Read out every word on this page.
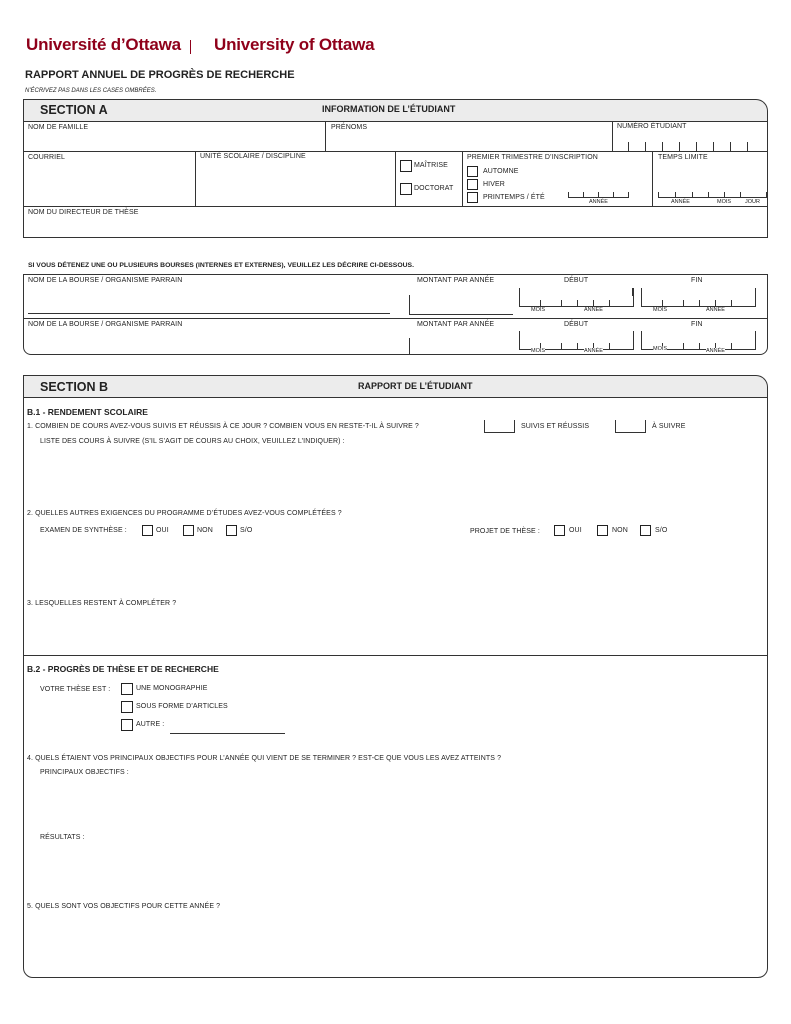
Université d’Ottawa University of Ottawa
RAPPORT ANNUEL DE PROGRÈS DE RECHERCHE
N'ÉCRIVEZ PAS DANS LES CASES OMBRÉES.
SECTION A	INFORMATION DE L’ÉTUDIANT
NOM DE FAMILLE	PRÉNOMS	NUMÉRO ÉTUDIANT
COURRIEL	UNITÉ SCOLAIRE / DISCIPLINE
MAÎTRISE
DOCTORAT
PREMIER TRIMESTRE D’INSCRIPTION
AUTOMNE
HIVER
PRINTEMPS / ÉTÉ
ANNÉE
TEMPS LIMITE
ANNÉE	MOIS	JOUR
NOM DU DIRECTEUR DE THÈSE
SI VOUS DÉTENEZ UNE OU PLUSIEURS BOURSES (INTERNES ET EXTERNES), VEUILLEZ LES DÉCRIRE CI-DESSOUS.
NOM DE LA BOURSE / ORGANISME PARRAIN	MONTANT PAR ANNÉE	DÉBUT
MOIS	ANNÉE
FIN
MOIS	ANNÉE
NOM DE LA BOURSE / ORGANISME PARRAIN	MONTANT PAR ANNÉE	DÉBUT
MOIS	ANNÉE
FIN
MOIS	ANNÉE
SECTION B	RAPPORT DE L’ÉTUDIANT
B.1 - RENDEMENT SCOLAIRE
1. COMBIEN DE COURS AVEZ-VOUS SUIVIS ET RÉUSSIS À CE JOUR ? COMBIEN VOUS EN RESTE-T-IL À SUIVRE ?	SUIVIS ET RÉUSSIS	À SUIVRE
LISTE DES COURS À SUIVRE (S’IL S’AGIT DE COURS AU CHOIX, VEUILLEZ L’INDIQUER) :
2. QUELLES AUTRES EXIGENCES DU PROGRAMME D’ÉTUDES AVEZ-VOUS COMPLÉTÉES ?
EXAMEN DE SYNTHÈSE :	OUI	NON	S/O	PROJET DE THÈSE :	OUI	NON	S/O
3. LESQUELLES RESTENT À COMPLÉTER ?
B.2 - PROGRÈS DE THÈSE ET DE RECHERCHE
VOTRE THÈSE EST :	UNE MONOGRAPHIE
SOUS FORME D’ARTICLES
AUTRE :
4. QUELS ÉTAIENT VOS PRINCIPAUX OBJECTIFS POUR L’ANNÉE QUI VIENT DE SE TERMINER ? EST-CE QUE VOUS LES AVEZ ATTEINTS ?
PRINCIPAUX OBJECTIFS :
RÉSULTATS :
5. QUELS SONT VOS OBJECTIFS POUR CETTE ANNÉE ?
